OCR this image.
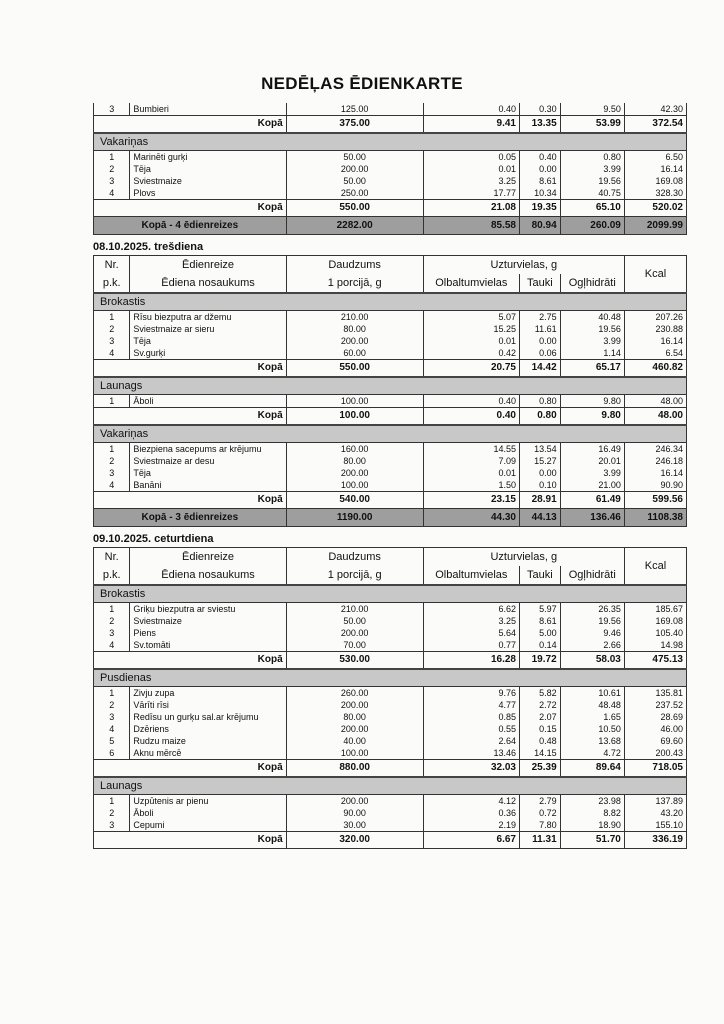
NEDĒĻAS ĒDIENKARTE
3	Bumbieri	125.00	0.40	0.30	9.50	42.30
Kopā		375.00	9.41	13.35	53.99	372.54
Vakariņas						
1	Marinēti gurķi	50.00	0.05	0.40	0.80	6.50
2	Tēja	200.00	0.01	0.00	3.99	16.14
3	Sviestmaize	50.00	3.25	8.61	19.56	169.08
4	Plovs	250.00	17.77	10.34	40.75	328.30
Kopā		550.00	21.08	19.35	65.10	520.02
Kopā - 4 ēdienreizes		2282.00	85.58	80.94	260.09	2099.99
08.10.2025. trešdiena
Nr.	Ēdienreize	Daudzums	Uzturvielas, g			Kcal
p.k.	Ēdiena nosaukums	1 porcijā, g	Olbaltumvielas	Tauki	Ogļhidrāti	
Brokastis						
1	Rīsu biezputra ar džemu	210.00	5.07	2.75	40.48	207.26
2	Sviestmaize ar sieru	80.00	15.25	11.61	19.56	230.88
3	Tēja	200.00	0.01	0.00	3.99	16.14
4	Sv.gurķi	60.00	0.42	0.06	1.14	6.54
Kopā		550.00	20.75	14.42	65.17	460.82
Launags						
1	Āboli	100.00	0.40	0.80	9.80	48.00
Kopā		100.00	0.40	0.80	9.80	48.00
Vakariņas						
1	Biezpiena sacepums ar krējumu	160.00	14.55	13.54	16.49	246.34
2	Sviestmaize ar desu	80.00	7.09	15.27	20.01	246.18
3	Tēja	200.00	0.01	0.00	3.99	16.14
4	Banāni	100.00	1.50	0.10	21.00	90.90
Kopā		540.00	23.15	28.91	61.49	599.56
Kopā - 3 ēdienreizes		1190.00	44.30	44.13	136.46	1108.38
09.10.2025. ceturtdiena
Nr.	Ēdienreize	Daudzums	Uzturvielas, g			Kcal
p.k.	Ēdiena nosaukums	1 porcijā, g	Olbaltumvielas	Tauki	Ogļhidrāti	
Brokastis						
1	Griķu biezputra ar sviestu	210.00	6.62	5.97	26.35	185.67
2	Sviestmaize	50.00	3.25	8.61	19.56	169.08
3	Piens	200.00	5.64	5.00	9.46	105.40
4	Sv.tomāti	70.00	0.77	0.14	2.66	14.98
Kopā		530.00	16.28	19.72	58.03	475.13
Pusdienas						
1	Zivju zupa	260.00	9.76	5.82	10.61	135.81
2	Vārīti rīsi	200.00	4.77	2.72	48.48	237.52
3	Redīsu un gurķu sal.ar krējumu	80.00	0.85	2.07	1.65	28.69
4	Dzēriens	200.00	0.55	0.15	10.50	46.00
5	Rudzu maize	40.00	2.64	0.48	13.68	69.60
6	Aknu mērcē	100.00	13.46	14.15	4.72	200.43
Kopā		880.00	32.03	25.39	89.64	718.05
Launags						
1	Uzpūtenis ar pienu	200.00	4.12	2.79	23.98	137.89
2	Āboli	90.00	0.36	0.72	8.82	43.20
3	Cepumi	30.00	2.19	7.80	18.90	155.10
Kopā		320.00	6.67	11.31	51.70	336.19
